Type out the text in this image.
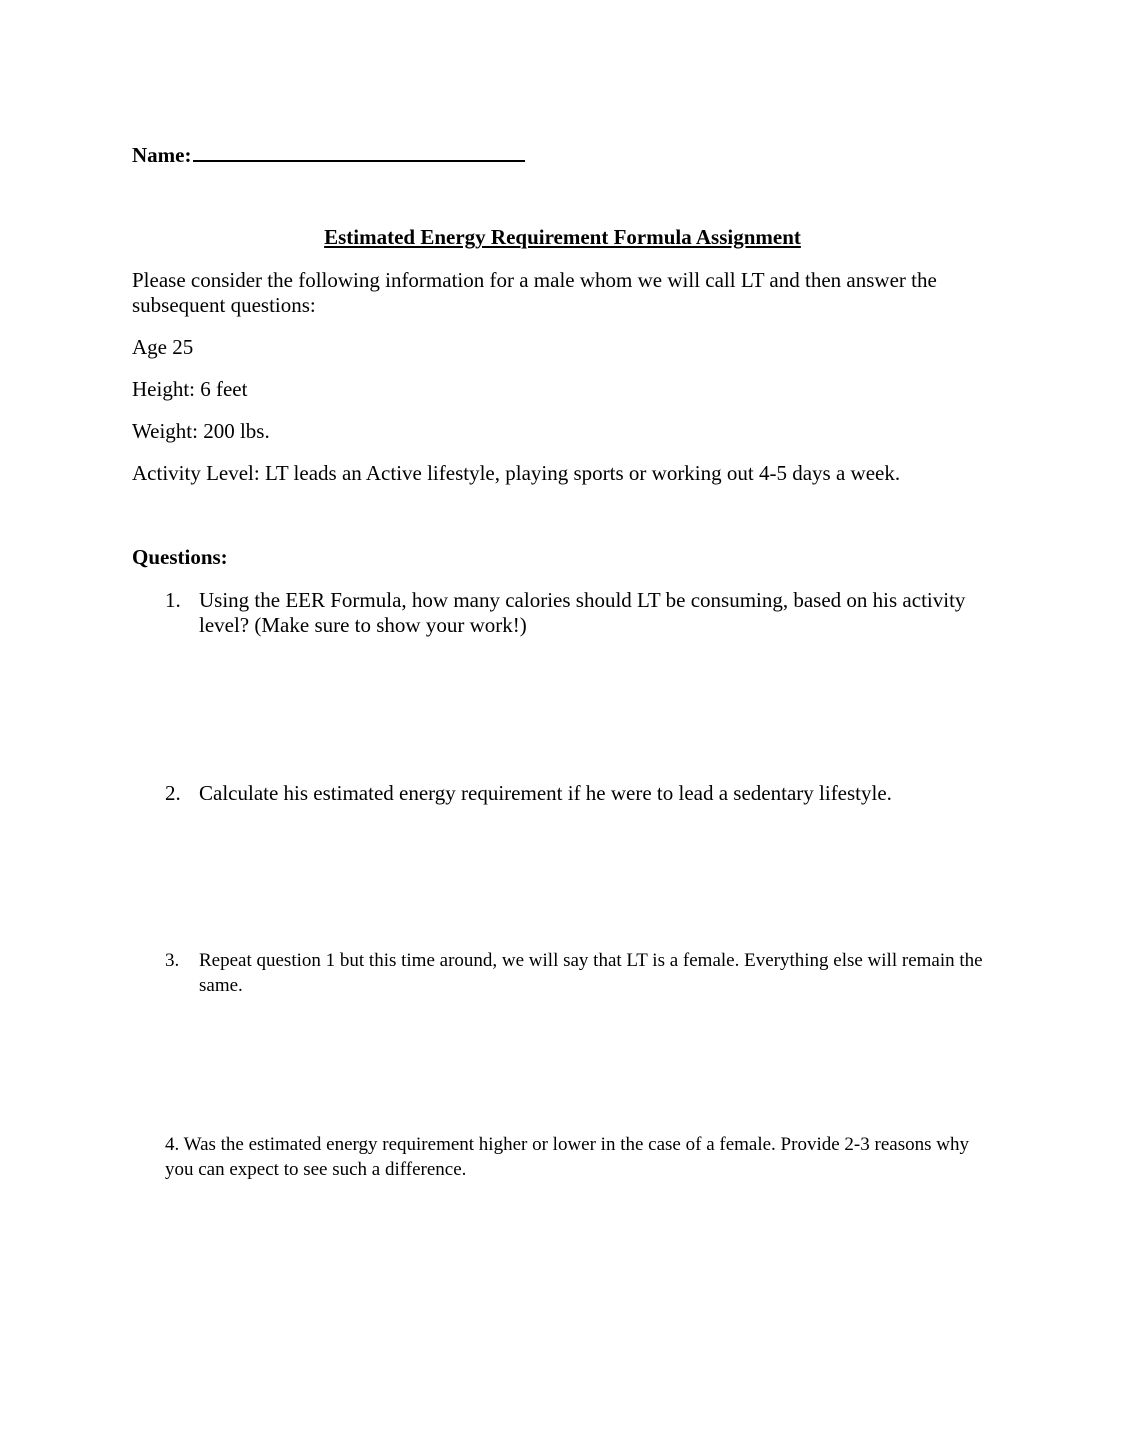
Name:
Estimated Energy Requirement Formula Assignment
Please consider the following information for a male whom we will call LT and then answer the subsequent questions:
Age 25
Height: 6 feet
Weight: 200 lbs.
Activity Level: LT leads an Active lifestyle, playing sports or working out 4-5 days a week.
Questions:
1. Using the EER Formula, how many calories should LT be consuming, based on his activity level? (Make sure to show your work!)
2. Calculate his estimated energy requirement if he were to lead a sedentary lifestyle.
3. Repeat question 1 but this time around, we will say that LT is a female. Everything else will remain the same.
4. Was the estimated energy requirement higher or lower in the case of a female. Provide 2-3 reasons why you can expect to see such a difference.
